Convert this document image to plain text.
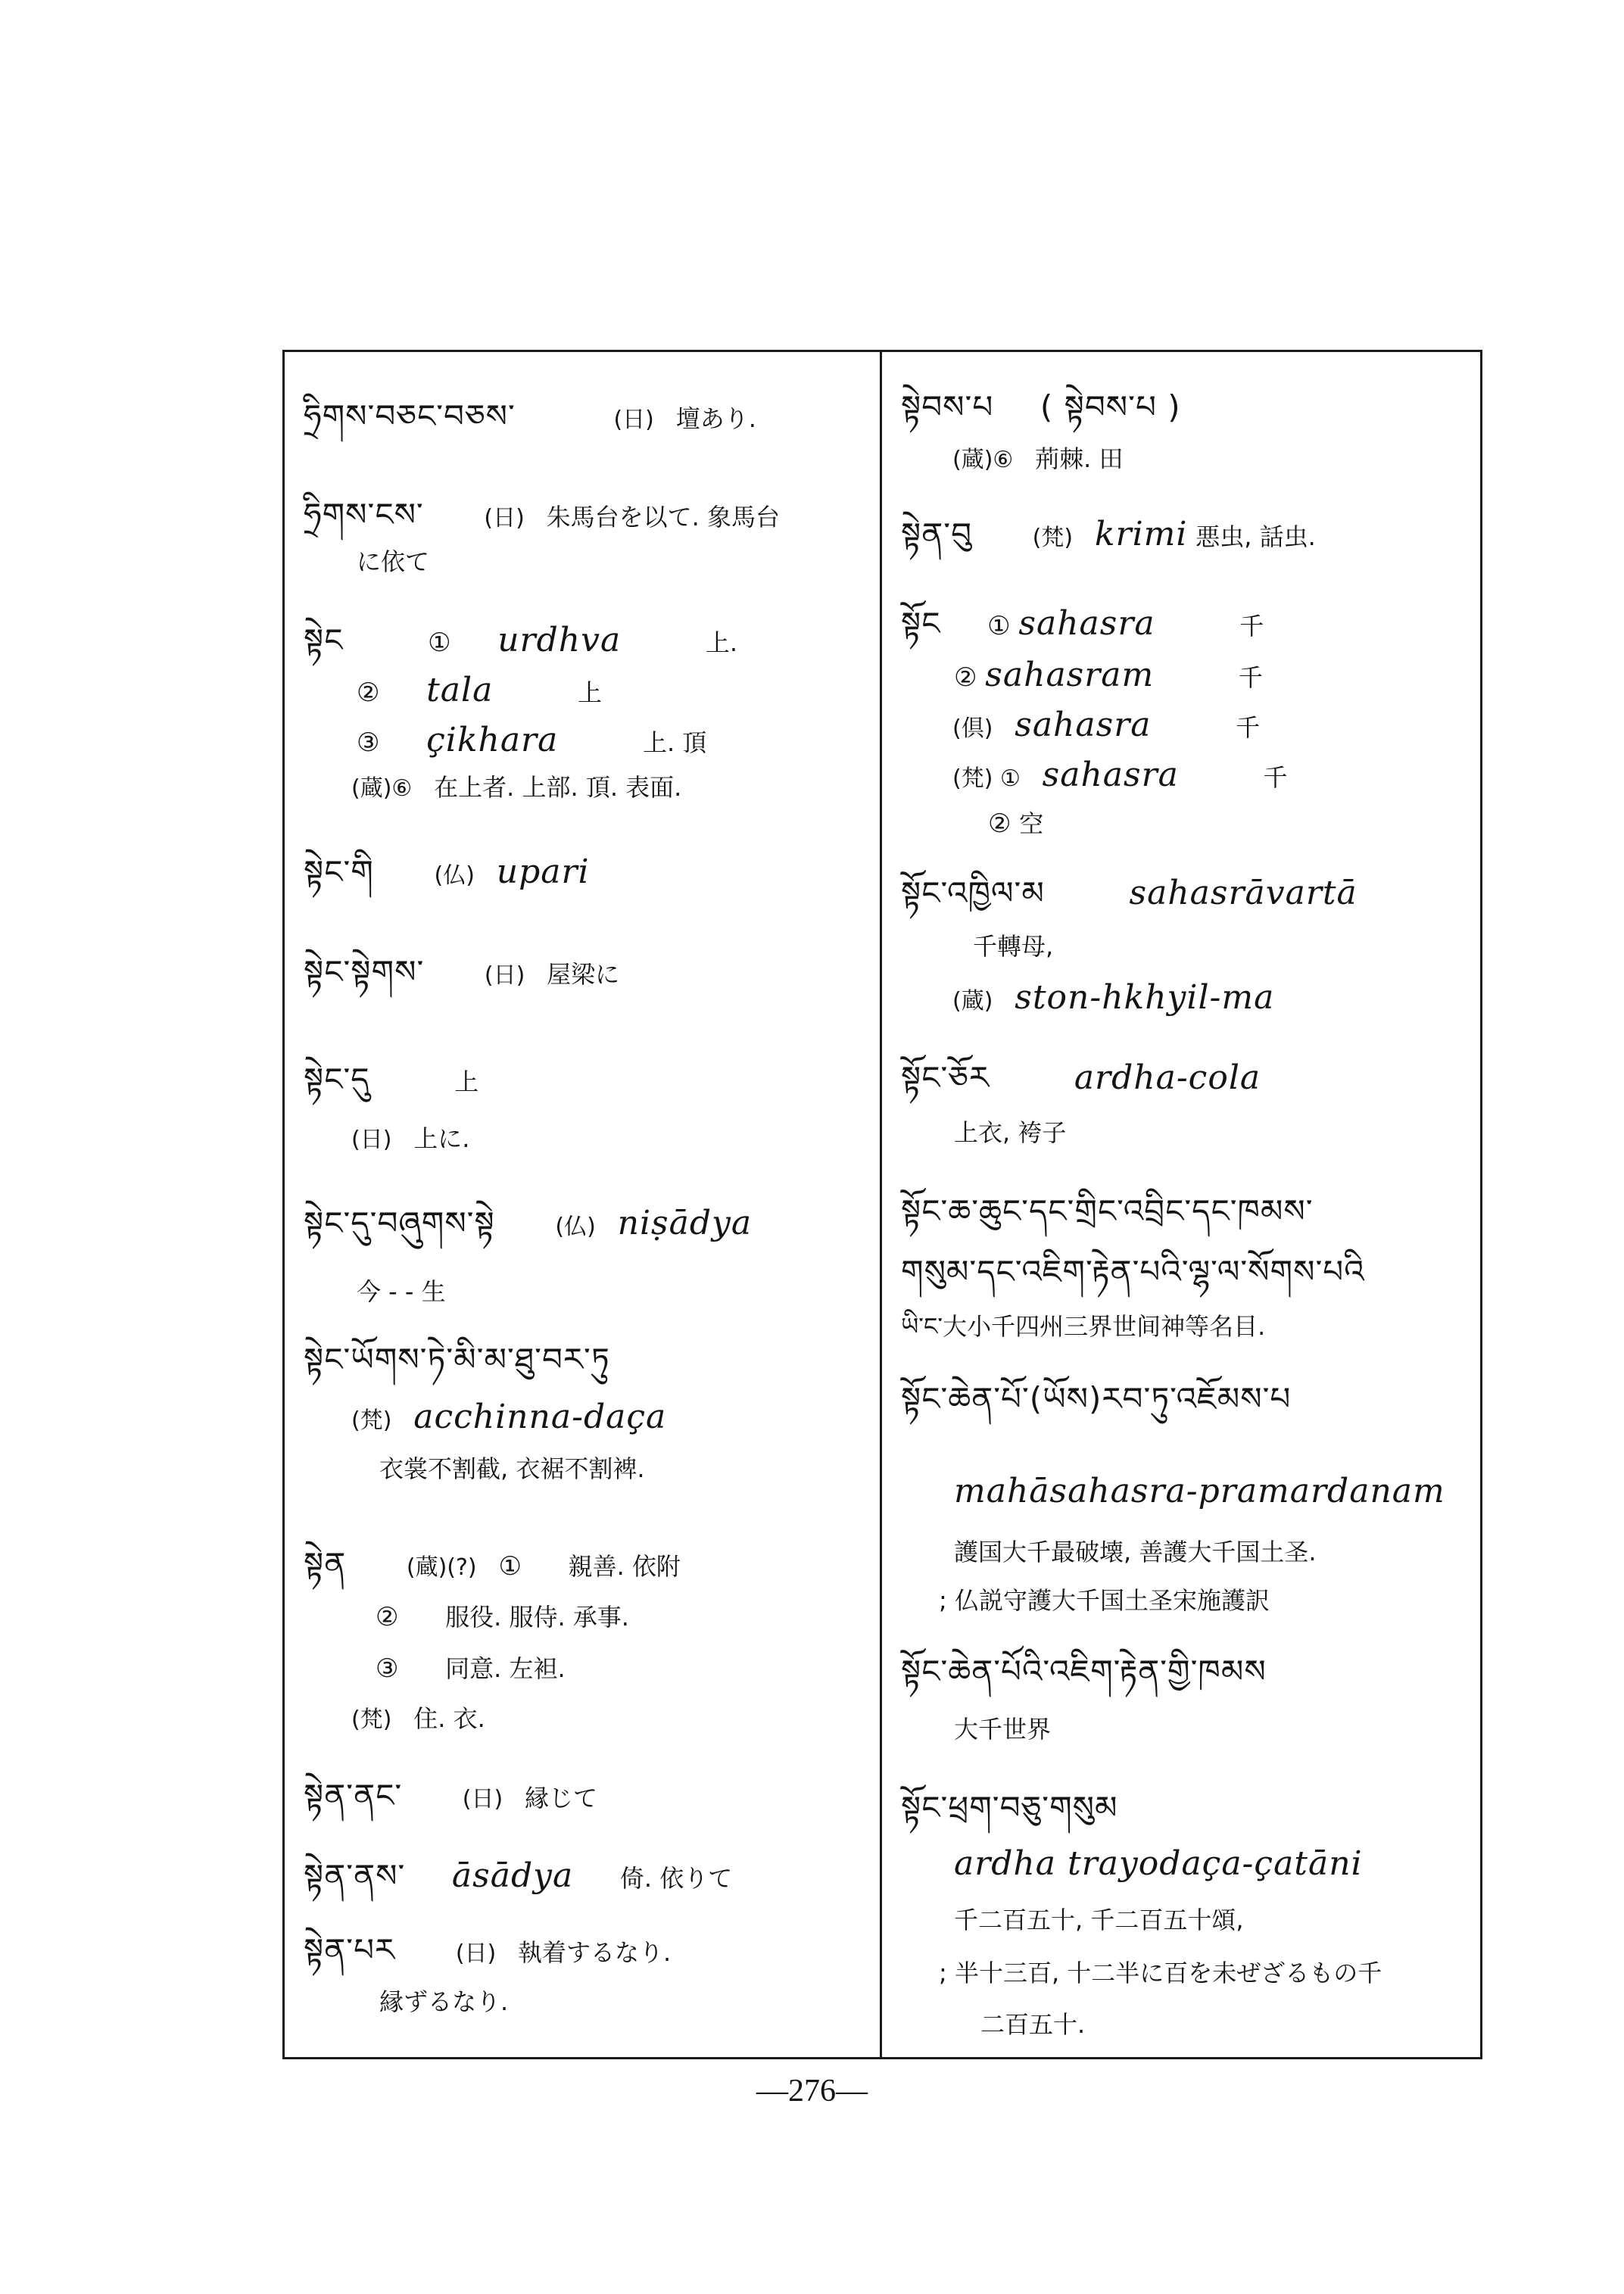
ཧྲིགས་བཅང་བཅས་	(日) 壇あり.
ཧྲིགས་ངས་	(日) 朱馬台を以て. 象馬台
に依て
སྟེང	① urdhva	上.
② tala	上
③ çikhara	上. 頂
(蔵)⑥ 在上者. 上部. 頂. 表面.
སྟེང་གི	(仏) upari
སྟེང་སྟེགས་	(日) 屋梁に
སྟེང་དུ	上
(日) 上に.
སྟེང་དུ་བཞུགས་སྟེ	(仏) niṣādya
今 - - 生
སྟེང་ཡོགས་ཏེ་མི་མ་ཐུ་བར་ཏུ
(梵) acchinna-daça
衣裳不割截, 衣裾不割裨.
སྟེན	(蔵)(?) ① 親善. 依附
② 服役. 服侍. 承事.
③ 同意. 左袒.
(梵) 住. 衣.
སྟེན་ནང་	(日) 縁じて
སྟེན་ནས་ āsādya 倚. 依りて
སྟེན་པར	(日) 執着するなり.
縁ずるなり.
སྟེབས་པ ( སྟེབས་པ )
(蔵)⑥ 荊棘. 田
སྟེན་བུ	(梵) krimi 悪虫, 話虫.
སྟོང ① sahasra	千
② sahasram	千
(倶) sahasra	千
(梵) ① sahasra	千
② 空
སྟོང་འཁྱིལ་མ	sahasrāvartā
千轉母,
(蔵) ston-hkhyil-ma
སྟོང་ཅོར	ardha-cola
上衣, 袴子
སྟོང་ཆ་ཆུང་དང་གྲིང་འབྲིང་དང་ཁམས་
གསུམ་དང་འཇིག་རྟེན་པའི་ལྷ་ལ་སོགས་པའི
ཡི་ང་大小千四州三界世间神等名目.
སྟོང་ཆེན་པོ་(ཡོས)རབ་ཏུ་འཇོམས་པ
mahāsahasra-pramardanam
護国大千最破壊, 善護大千国土圣.
; 仏説守護大千国土圣宋施護訳
སྟོང་ཆེན་པོའི་འཇིག་རྟེན་གྱི་ཁམས
大千世界
སྟོང་ཕྲག་བཅུ་གསུམ
ardha trayodaça-çatāni
千二百五十, 千二百五十頌,
; 半十三百, 十二半に百を未ぜざるもの千
二百五十.
—276—
